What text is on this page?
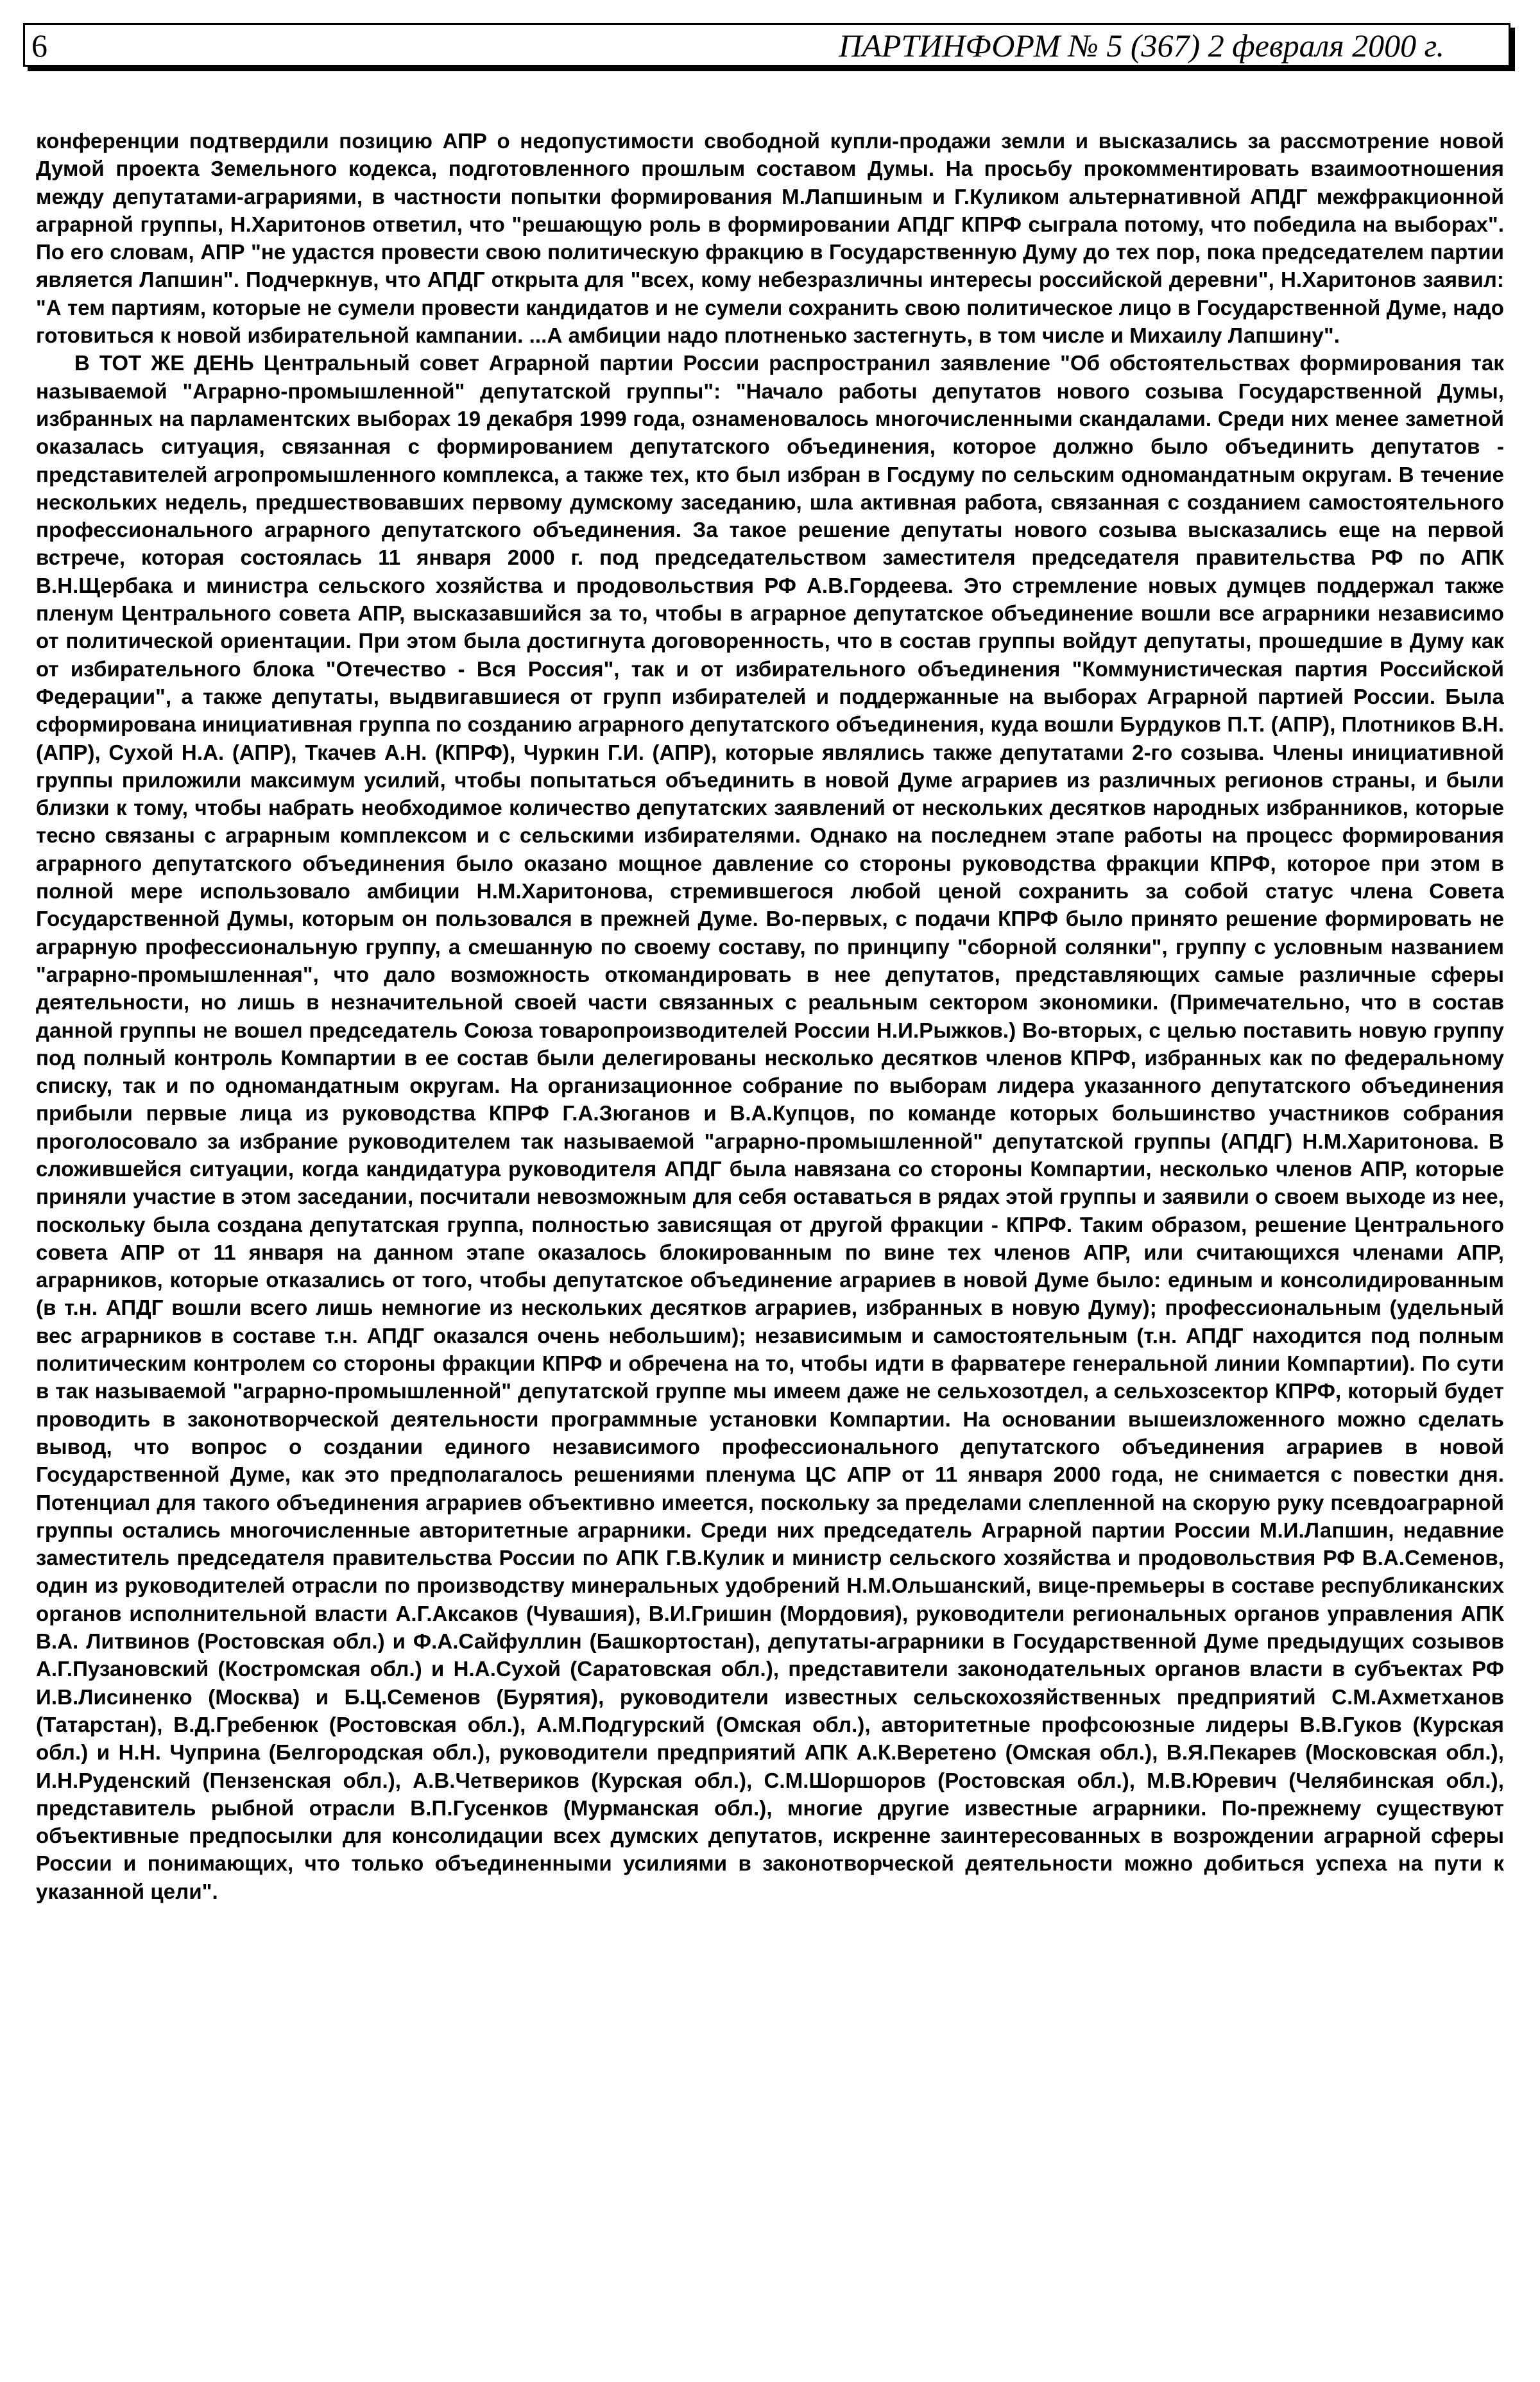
6	ПАРТИНФОРМ № 5 (367) 2 февраля 2000 г.

конференции подтвердили позицию АПР о недопустимости свободной купли-продажи земли и высказались за рассмотрение новой Думой проекта Земельного кодекса, подготовленного прошлым составом Думы. На просьбу прокомментировать взаимоотношения между депутатами-аграриями, в частности попытки формирования М.Лапшиным и Г.Куликом альтернативной АПДГ межфракционной аграрной группы, Н.Харитонов ответил, что "решающую роль в формировании АПДГ КПРФ сыграла потому, что победила на выборах". По его словам, АПР "не удастся провести свою политическую фракцию в Государственную Думу до тех пор, пока председателем партии является Лапшин". Подчеркнув, что АПДГ открыта для "всех, кому небезразличны интересы российской деревни", Н.Харитонов заявил: "А тем партиям, которые не сумели провести кандидатов и не сумели сохранить свою политическое лицо в Государственной Думе, надо готовиться к новой избирательной кампании. ...А амбиции надо плотненько застегнуть, в том числе и Михаилу Лапшину".

В ТОТ ЖЕ ДЕНЬ Центральный совет Аграрной партии России распространил заявление "Об обстоятельствах формирования так называемой "Аграрно-промышленной" депутатской группы": "Начало работы депутатов нового созыва Государственной Думы, избранных на парламентских выборах 19 декабря 1999 года, ознаменовалось многочисленными скандалами. Среди них менее заметной оказалась ситуация, связанная с формированием депутатского объединения, которое должно было объединить депутатов - представителей агропромышленного комплекса, а также тех, кто был избран в Госдуму по сельским одномандатным округам. В течение нескольких недель, предшествовавших первому думскому заседанию, шла активная работа, связанная с созданием самостоятельного профессионального аграрного депутатского объединения. За такое решение депутаты нового созыва высказались еще на первой встрече, которая состоялась 11 января 2000 г. под председательством заместителя председателя правительства РФ по АПК В.Н.Щербака и министра сельского хозяйства и продовольствия РФ А.В.Гордеева. Это стремление новых думцев поддержал также пленум Центрального совета АПР, высказавшийся за то, чтобы в аграрное депутатское объединение вошли все аграрники независимо от политической ориентации. При этом была достигнута договоренность, что в состав группы войдут депутаты, прошедшие в Думу как от избирательного блока "Отечество - Вся Россия", так и от избирательного объединения "Коммунистическая партия Российской Федерации", а также депутаты, выдвигавшиеся от групп избирателей и поддержанные на выборах Аграрной партией России. Была сформирована инициативная группа по созданию аграрного депутатского объединения, куда вошли Бурдуков П.Т. (АПР), Плотников В.Н. (АПР), Сухой Н.А. (АПР), Ткачев А.Н. (КПРФ), Чуркин Г.И. (АПР), которые являлись также депутатами 2-го созыва. Члены инициативной группы приложили максимум усилий, чтобы попытаться объединить в новой Думе аграриев из различных регионов страны, и были близки к тому, чтобы набрать необходимое количество депутатских заявлений от нескольких десятков народных избранников, которые тесно связаны с аграрным комплексом и с сельскими избирателями. Однако на последнем этапе работы на процесс формирования аграрного депутатского объединения было оказано мощное давление со стороны руководства фракции КПРФ, которое при этом в полной мере использовало амбиции Н.М.Харитонова, стремившегося любой ценой сохранить за собой статус члена Совета Государственной Думы, которым он пользовался в прежней Думе. Во-первых, с подачи КПРФ было принято решение формировать не аграрную профессиональную группу, а смешанную по своему составу, по принципу "сборной солянки", группу с условным названием "аграрно-промышленная", что дало возможность откомандировать в нее депутатов, представляющих самые различные сферы деятельности, но лишь в незначительной своей части связанных с реальным сектором экономики. (Примечательно, что в состав данной группы не вошел председатель Союза товаропроизводителей России Н.И.Рыжков.) Во-вторых, с целью поставить новую группу под полный контроль Компартии в ее состав были делегированы несколько десятков членов КПРФ, избранных как по федеральному списку, так и по одномандатным округам. На организационное собрание по выборам лидера указанного депутатского объединения прибыли первые лица из руководства КПРФ Г.А.Зюганов и В.А.Купцов, по команде которых большинство участников собрания проголосовало за избрание руководителем так называемой "аграрно-промышленной" депутатской группы (АПДГ) Н.М.Харитонова. В сложившейся ситуации, когда кандидатура руководителя АПДГ была навязана со стороны Компартии, несколько членов АПР, которые приняли участие в этом заседании, посчитали невозможным для себя оставаться в рядах этой группы и заявили о своем выходе из нее, поскольку была создана депутатская группа, полностью зависящая от другой фракции - КПРФ. Таким образом, решение Центрального совета АПР от 11 января на данном этапе оказалось блокированным по вине тех членов АПР, или считающихся членами АПР, аграрников, которые отказались от того, чтобы депутатское объединение аграриев в новой Думе было: единым и консолидированным (в т.н. АПДГ вошли всего лишь немногие из нескольких десятков аграриев, избранных в новую Думу); профессиональным (удельный вес аграрников в составе т.н. АПДГ оказался очень небольшим); независимым и самостоятельным (т.н. АПДГ находится под полным политическим контролем со стороны фракции КПРФ и обречена на то, чтобы идти в фарватере генеральной линии Компартии). По сути в так называемой "аграрно-промышленной" депутатской группе мы имеем даже не сельхозотдел, а сельхозсектор КПРФ, который будет проводить в законотворческой деятельности программные установки Компартии. На основании вышеизложенного можно сделать вывод, что вопрос о создании единого независимого профессионального депутатского объединения аграриев в новой Государственной Думе, как это предполагалось решениями пленума ЦС АПР от 11 января 2000 года, не снимается с повестки дня. Потенциал для такого объединения аграриев объективно имеется, поскольку за пределами слепленной на скорую руку псевдоаграрной группы остались многочисленные авторитетные аграрники. Среди них председатель Аграрной партии России М.И.Лапшин, недавние заместитель председателя правительства России по АПК Г.В.Кулик и министр сельского хозяйства и продовольствия РФ В.А.Семенов, один из руководителей отрасли по производству минеральных удобрений Н.М.Ольшанский, вице-премьеры в составе республиканских органов исполнительной власти А.Г.Аксаков (Чувашия), В.И.Гришин (Мордовия), руководители региональных органов управления АПК В.А. Литвинов (Ростовская обл.) и Ф.А.Сайфуллин (Башкортостан), депутаты-аграрники в Государственной Думе предыдущих созывов А.Г.Пузановский (Костромская обл.) и Н.А.Сухой (Саратовская обл.), представители законодательных органов власти в субъектах РФ И.В.Лисиненко (Москва) и Б.Ц.Семенов (Бурятия), руководители известных сельскохозяйственных предприятий С.М.Ахметханов (Татарстан), В.Д.Гребенюк (Ростовская обл.), А.М.Подгурский (Омская обл.), авторитетные профсоюзные лидеры В.В.Гуков (Курская обл.) и Н.Н. Чуприна (Белгородская обл.), руководители предприятий АПК А.К.Веретено (Омская обл.), В.Я.Пекарев (Московская обл.), И.Н.Руденский (Пензенская обл.), А.В.Четвериков (Курская обл.), С.М.Шоршоров (Ростовская обл.), М.В.Юревич (Челябинская обл.), представитель рыбной отрасли В.П.Гусенков (Мурманская обл.), многие другие известные аграрники. По-прежнему существуют объективные предпосылки для консолидации всех думских депутатов, искренне заинтересованных в возрождении аграрной сферы России и понимающих, что только объединенными усилиями в законотворческой деятельности можно добиться успеха на пути к указанной цели".
